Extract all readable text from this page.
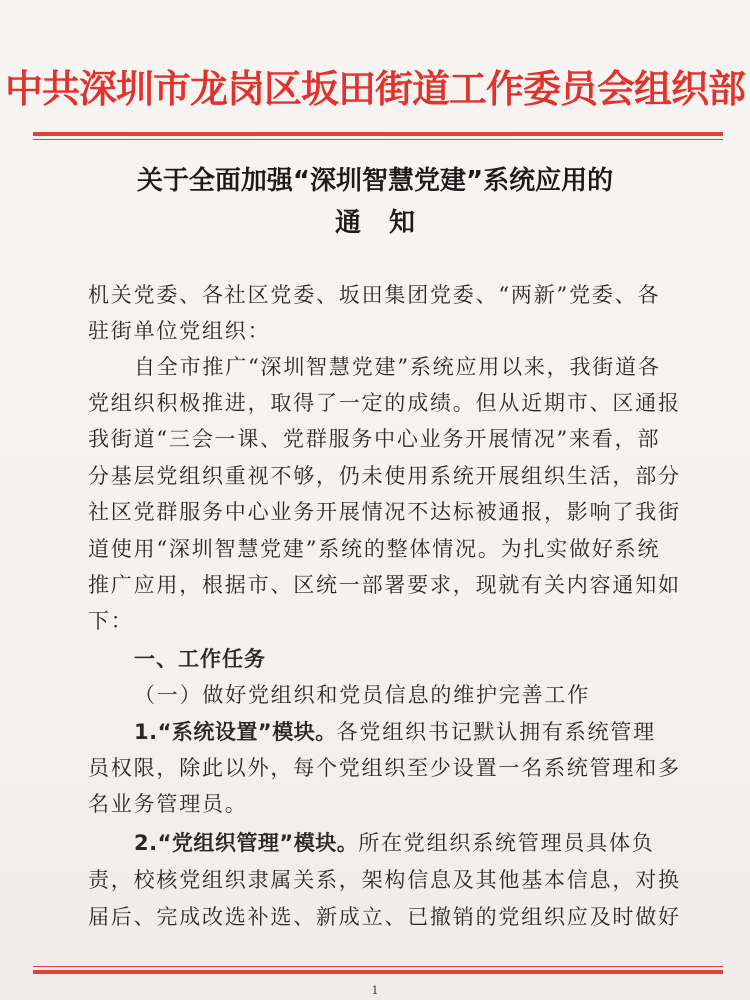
中共深圳市龙岗区坂田街道工作委员会组织部
关于全面加强“深圳智慧党建”系统应用的
通知
机关党委、各社区党委、坂田集团党委、“两新”党委、各
驻街单位党组织：
自全市推广“深圳智慧党建”系统应用以来，我街道各
党组织积极推进，取得了一定的成绩。但从近期市、区通报
我街道“三会一课、党群服务中心业务开展情况”来看，部
分基层党组织重视不够，仍未使用系统开展组织生活，部分
社区党群服务中心业务开展情况不达标被通报，影响了我街
道使用“深圳智慧党建”系统的整体情况。为扎实做好系统
推广应用，根据市、区统一部署要求，现就有关内容通知如
下：
一、工作任务
（一）做好党组织和党员信息的维护完善工作
1.“系统设置”模块。各党组织书记默认拥有系统管理
员权限，除此以外，每个党组织至少设置一名系统管理和多
名业务管理员。
2.“党组织管理”模块。所在党组织系统管理员具体负
责，校核党组织隶属关系，架构信息及其他基本信息，对换
届后、完成改选补选、新成立、已撤销的党组织应及时做好
1
